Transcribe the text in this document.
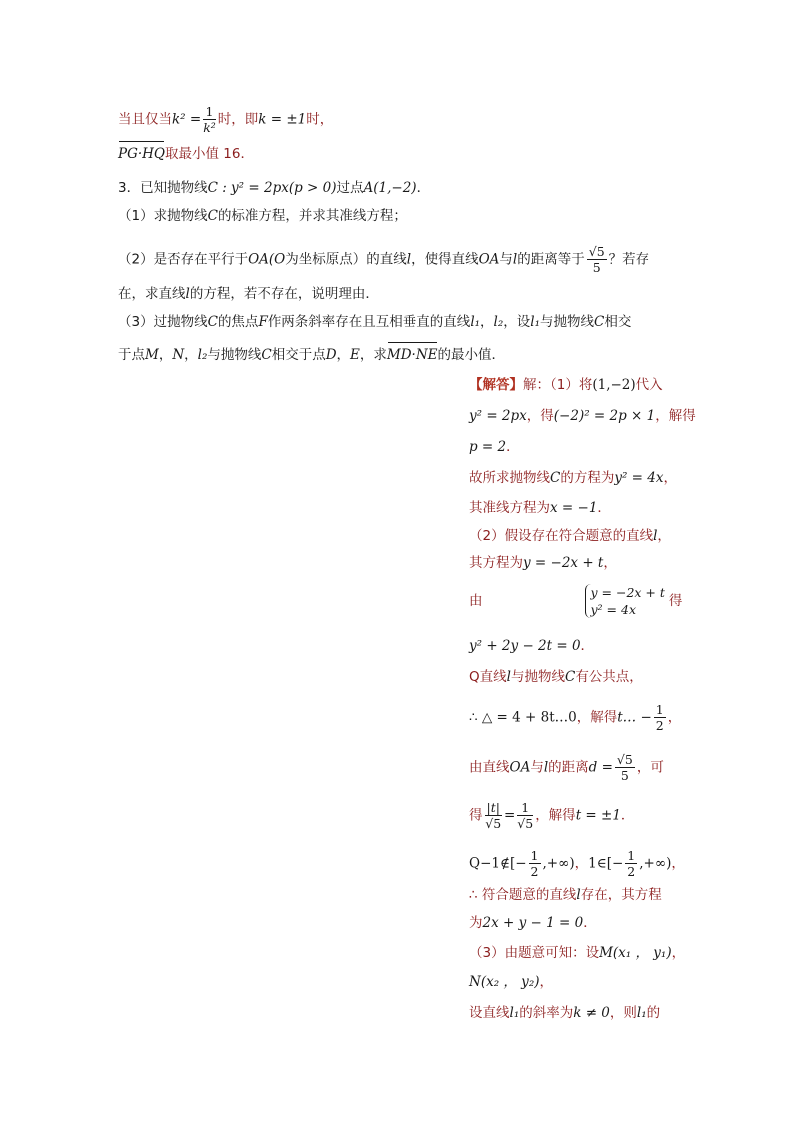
当且仅当$k^2 = \frac{1}{\text{k²}}$ 时，即k = ±1时，
PG·HQ取最小值 16．
3．已知抛物线C : y² = 2px(p > 0)过点A(1,−2)．
（1）求抛物线C的标准方程，并求其准线方程；
（2）是否存在平行于OA(O为坐标原点）的直线l，使得直线OA与l的距离等于 $\frac{√5}{5}$ ？若存
在，求直线l的方程，若不存在，说明理由．
（3）过抛物线C的焦点F作两条斜率存在且互相垂直的直线l₁，l₂，设l₁与抛物线C相交
于点M，N，l₂与抛物线C相交于点D，E，求MD·NE的最小值．
【解答】解：（1）将(1,−2)代入
y² = 2px，得(−2)² = 2p × 1，解得
p = 2．
故所求抛物线C的方程为y² = 4x，
其准线方程为x = −1．
（2）假设存在符合题意的直线l，
其方程为y = −2x + t，
由
y = −2x + t
y² = 4x
得
y² + 2y − 2t = 0．
Q直线l与抛物线C有公共点，
∴ △ = 4 + 8t…0，解得t… − $\frac{1}{2}$ ，
由直线OA与l的距离$d = \frac{√5}{5}$ ，可
得 $\frac{|t|}{√5} = \frac{1}{√5}$ ，解得t = ±1．
Q−1∉[− $\frac{1}{2}$ ,+∞)，1∈[− $\frac{1}{2}$ ,+∞)，
∴ 符合题意的直线l存在，其方程
为2x + y − 1 = 0．
（3）由题意可知：设M(x₁ ， y₁)，
N(x₂ ， y₂)，
设直线l₁的斜率为k ≠ 0，则l₁的
